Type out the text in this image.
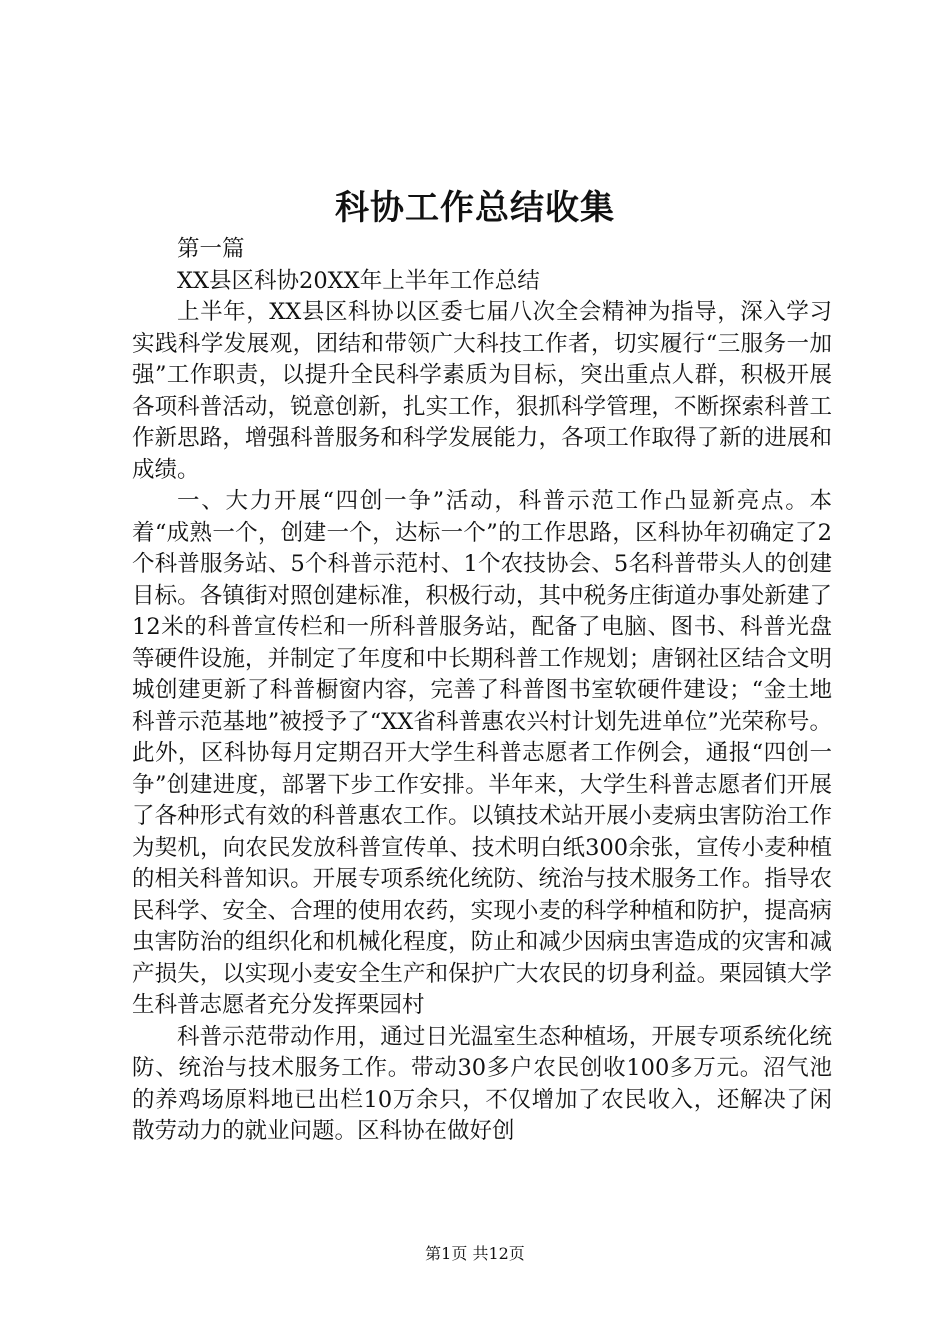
科协工作总结收集

第一篇

XX县区科协20XX年上半年工作总结

上半年，XX县区科协以区委七届八次全会精神为指导，深入学习实践科学发展观，团结和带领广大科技工作者，切实履行“三服务一加强”工作职责，以提升全民科学素质为目标，突出重点人群，积极开展各项科普活动，锐意创新，扎实工作，狠抓科学管理，不断探索科普工作新思路，增强科普服务和科学发展能力，各项工作取得了新的进展和成绩。

一、大力开展“四创一争”活动，科普示范工作凸显新亮点。本着“成熟一个，创建一个，达标一个”的工作思路，区科协年初确定了2个科普服务站、5个科普示范村、1个农技协会、5名科普带头人的创建目标。各镇街对照创建标准，积极行动，其中税务庄街道办事处新建了12米的科普宣传栏和一所科普服务站，配备了电脑、图书、科普光盘等硬件设施，并制定了年度和中长期科普工作规划；唐钢社区结合文明城创建更新了科普橱窗内容，完善了科普图书室软硬件建设；“金土地科普示范基地”被授予了“XX省科普惠农兴村计划先进单位”光荣称号。此外，区科协每月定期召开大学生科普志愿者工作例会，通报“四创一争”创建进度，部署下步工作安排。半年来，大学生科普志愿者们开展了各种形式有效的科普惠农工作。以镇技术站开展小麦病虫害防治工作为契机，向农民发放科普宣传单、技术明白纸300余张，宣传小麦种植的相关科普知识。开展专项系统化统防、统治与技术服务工作。指导农民科学、安全、合理的使用农药，实现小麦的科学种植和防护，提高病虫害防治的组织化和机械化程度，防止和减少因病虫害造成的灾害和减产损失，以实现小麦安全生产和保护广大农民的切身利益。栗园镇大学生科普志愿者充分发挥栗园村

科普示范带动作用，通过日光温室生态种植场，开展专项系统化统防、统治与技术服务工作。带动30多户农民创收100多万元。沼气池的养鸡场原料地已出栏10万余只，不仅增加了农民收入，还解决了闲散劳动力的就业问题。区科协在做好创

第1页 共12页
